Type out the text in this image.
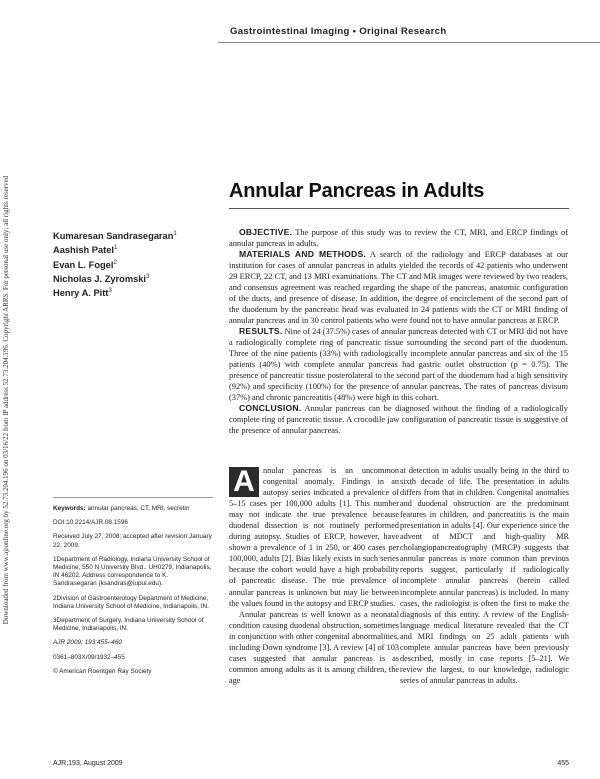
Downloaded from www.ajronline.org by 52.73.204.196 on 03/16/22 from IP address 52.73.204.196. Copyright ARRS. For personal use only; all rights reserved
Gastrointestinal Imaging • Original Research
Annular Pancreas in Adults
Kumaresan Sandrasegaran$^1$
Aashish Patel$^1$
Evan L. Fogel$^2$
Nicholas J. Zyromski$^3$
Henry A. Pitt$^3$

OBJECTIVE. The purpose of this study was to review the CT, MRI, and ERCP findings of annular pancreas in adults.

MATERIALS AND METHODS. A search of the radiology and ERCP databases at our institution for cases of annular pancreas in adults yielded the records of 42 patients who underwent 29 ERCP, 22 CT, and 13 MRI examinations. The CT and MR images were reviewed by two readers, and consensus agreement was reached regarding the shape of the pancreas, anatomic configuration of the ducts, and presence of disease. In addition, the degree of encirclement of the second part of the duodenum by the pancreatic head was evaluated in 24 patients with the CT or MRI finding of annular pancreas and in 30 control patients who were found not to have annular pancreas at ERCP.

RESULTS. Nine of 24 (37.5%) cases of annular pancreas detected with CT or MRI did not have a radiologically complete ring of pancreatic tissue surrounding the second part of the duodenum. Three of the nine patients (33%) with radiologically incomplete annular pancreas and six of the 15 patients (40%) with complete annular pancreas had gastric outlet obstruction (p = 0.75). The presence of pancreatic tissue posterolateral to the second part of the duodenum had a high sensitivity (92%) and specificity (100%) for the presence of annular pancreas. The rates of pancreas divisum (37%) and chronic pancreatitis (48%) were high in this cohort.

CONCLUSION. Annular pancreas can be diagnosed without the finding of a radiologically complete ring of pancreatic tissue. A crocodile jaw configuration of pancreatic tissue is suggestive of the presence of annular pancreas.

Keywords: annular pancreas, CT, MRI, secretin

DOI:10.2214/AJR.08.1596

Received July 27, 2008; accepted after revision January 22, 2009.

1Department of Radiology, Indiana University School of Medicine, 550 N University Blvd., UH0279, Indianapolis, IN 46202. Address correspondence to K. Sandrasegaran (ksandras@iupui.edu).

2Division of Gastroenterology Department of Medicine, Indiana University School of Medicine, Indianapolis, IN.

3Department of Surgery, Indiana University School of Medicine, Indianapolis, IN.

AJR 2009; 193:455–460

0361–803X/09/1932–455

© American Roentgen Ray Society

A nnular pancreas is an uncommon congenital anomaly. Findings in an autopsy series indicated a prevalence of 5–15 cases per 100,000 adults [1]. This number may not indicate the true prevalence because duodenal dissection is not routinely performed during autopsy. Studies of ERCP, however, have shown a prevalence of 1 in 250, or 400 cases per 100,000, adults [2]. Bias likely exists in such series because the cohort would have a high probability of pancreatic disease. The true prevalence of annular pancreas is unknown but may lie between the values found in the autopsy and ERCP studies.

Annular pancreas is well known as a neonatal condition causing duodenal obstruction, sometimes in conjunction with other congenital abnormalities, including Down syndrome [3]. A review [4] of 103 cases suggested that annular pancreas is as common among adults as it is among children, the age

at detection in adults usually being in the third to sixth decade of life. The presentation in adults differs from that in children. Congenital anomalies and duodenal obstruction are the predominant features in children, and pancreatitis is the main presentation in adults [4]. Our experience since the advent of MDCT and high-quality MR cholangiopancreatography (MRCP) suggests that annular pancreas is more common than previous reports suggest, particularly if radiologically incomplete annular pancreas (herein called incomplete annular pancreas) is included. In many cases, the radiologist is often the first to make the diagnosis of this entity. A review of the English-language medical literature revealed that the CT and MRI findings on 25 adult patients with complete annular pancreas have been previously described, mostly in case reports [5–21]. We review the largest, to our knowledge, radiologic series of annular pancreas in adults.

AJR:193, August 2009	455
